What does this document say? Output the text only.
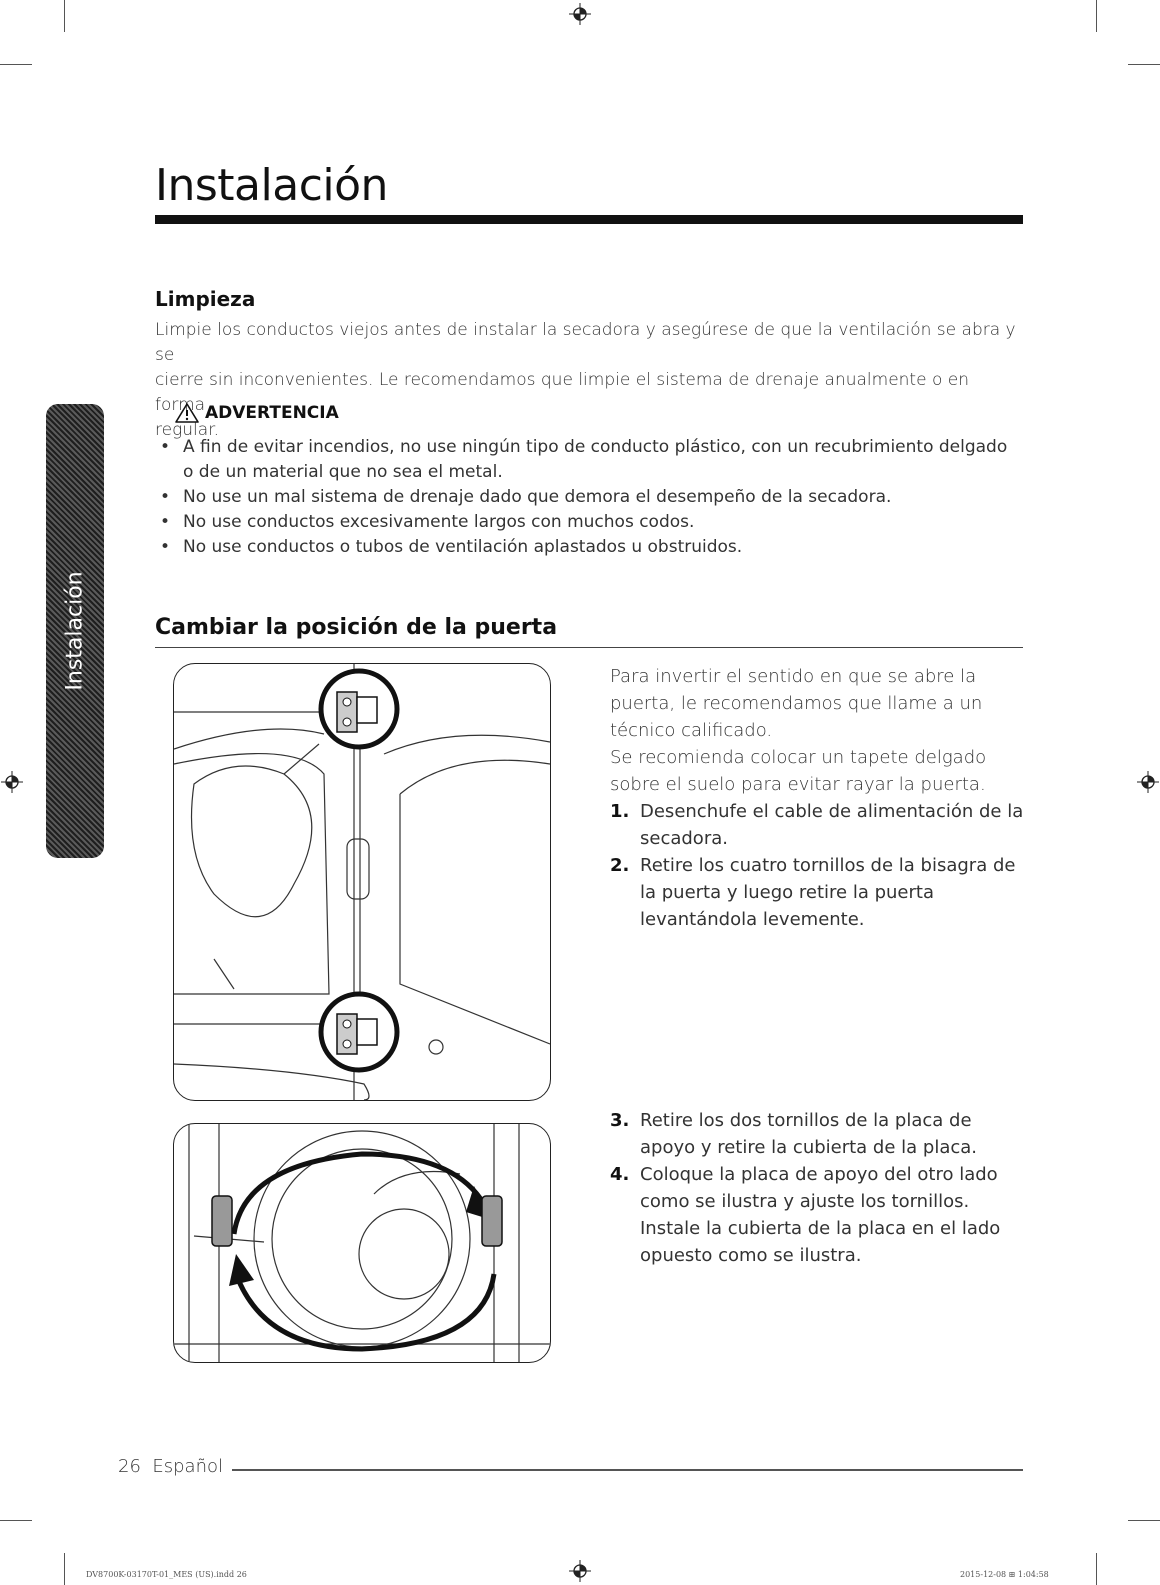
Instalación
Instalación
Limpieza
Limpie los conductos viejos antes de instalar la secadora y asegúrese de que la ventilación se abra y se
cierre sin inconvenientes. Le recomendamos que limpie el sistema de drenaje anualmente o en forma
regular.
ADVERTENCIA
• A fin de evitar incendios, no use ningún tipo de conducto plástico, con un recubrimiento delgado o de un material que no sea el metal.
• No use un mal sistema de drenaje dado que demora el desempeño de la secadora.
• No use conductos excesivamente largos con muchos codos.
• No use conductos o tubos de ventilación aplastados u obstruidos.
Cambiar la posición de la puerta
Para invertir el sentido en que se abre la puerta, le recomendamos que llame a un técnico calificado.
Se recomienda colocar un tapete delgado sobre el suelo para evitar rayar la puerta.
1. Desenchufe el cable de alimentación de la secadora.
2. Retire los cuatro tornillos de la bisagra de la puerta y luego retire la puerta levantándola levemente.
3. Retire los dos tornillos de la placa de apoyo y retire la cubierta de la placa.
4. Coloque la placa de apoyo del otro lado como se ilustra y ajuste los tornillos. Instale la cubierta de la placa en el lado opuesto como se ilustra.
26 Español
DV8700K-03170T-01_MES (US).indd 26	2015-12-08 ⊞ 1:04:58
